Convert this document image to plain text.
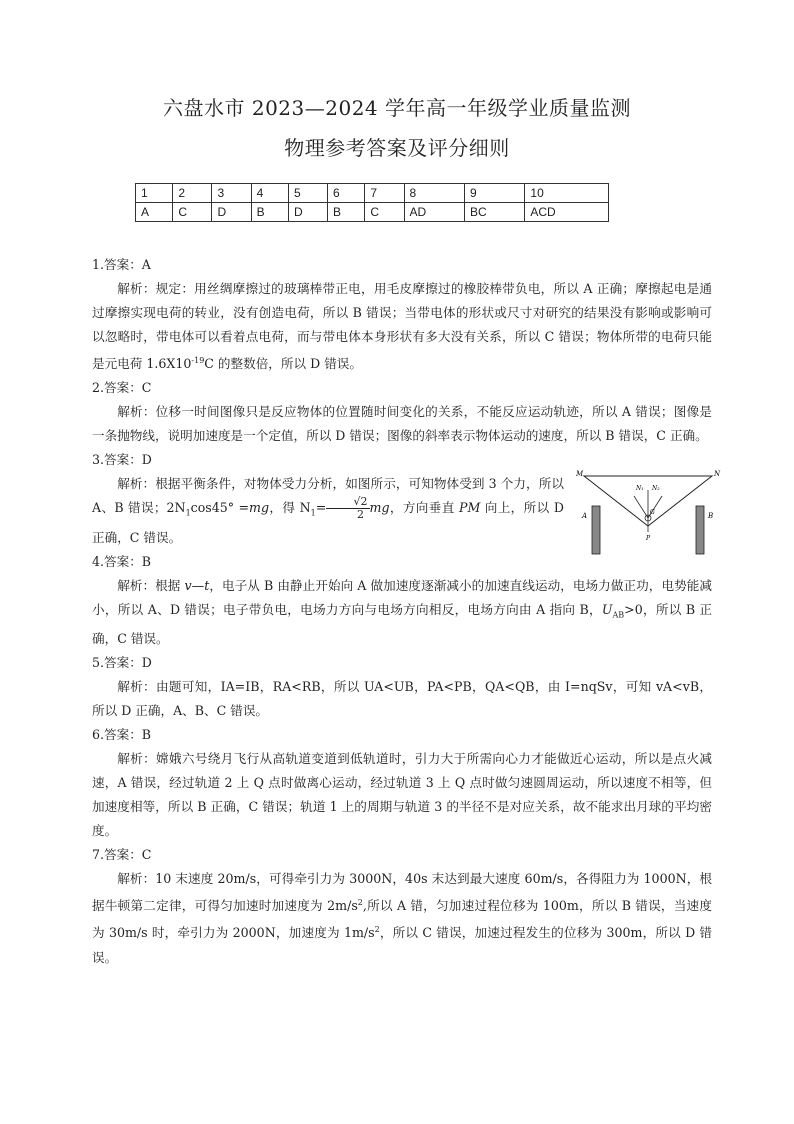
六盘水市 2023—2024 学年高一年级学业质量监测
物理参考答案及评分细则
1	2	3	4	5	6	7	8	9	10
A	C	D	B	D	B	C	AD	BC	ACD

1.答案：A

解析：规定：用丝绸摩擦过的玻璃棒带正电，用毛皮摩擦过的橡胶棒带负电，所以 A 正确；摩擦起电是通过摩擦实现电荷的转业，没有创造电荷，所以 B 错误；当带电体的形状或尺寸对研究的结果没有影响或影响可以忽略时，带电体可以看着点电荷，而与带电体本身形状有多大没有关系，所以 C 错误；物体所带的电荷只能是元电荷 $1.6X10^{-19}C$ 的整数倍，所以 D 错误。

2.答案：C

解析：位移一时间图像只是反应物体的位置随时间变化的关系，不能反应运动轨迹，所以 A 错误；图像是一条抛物线，说明加速度是一个定值，所以 D 错误；图像的斜率表示物体运动的速度，所以 B 错误，C 正确。

3.答案：D

M	N
N₁ N₂
G
A	B
P
解析：根据平衡条件，对物体受力分析，如图所示，可知物体受到 3 个力，所以 A、B 错误；$2N_1\cos 45^\circ =mg$，得 $N_1= \frac{√2}{2}$ mg，方向垂直 PM 向上，所以 D 正确，C 错误。

4.答案：B

解析：根据 v—t，电子从 B 由静止开始向 A 做加速度逐渐减小的加速直线运动，电场力做正功，电势能减小，所以 A、D 错误；电子带负电，电场力方向与电场方向相反，电场方向由 A 指向 B，$U_{AB}>0$，所以 B 正确，C 错误。

5.答案：D

解析：由题可知，IA=IB，RA<RB，所以 UA<UB，PA<PB，QA<QB，由 I=nqSv，可知 vA<vB，所以 D 正确，A、B、C 错误。

6.答案：B

解析：嫦娥六号绕月飞行从高轨道变道到低轨道时，引力大于所需向心力才能做近心运动，所以是点火减速，A 错误，经过轨道 2 上 Q 点时做离心运动，经过轨道 3 上 Q 点时做匀速圆周运动，所以速度不相等，但加速度相等，所以 B 正确，C 错误；轨道 1 上的周期与轨道 3 的半径不是对应关系，故不能求出月球的平均密度。

7.答案：C

解析：10 末速度 20m/s，可得牵引力为 3000N，40s 末达到最大速度 60m/s，各得阻力为 1000N，根据牛顿第二定律，可得匀加速时加速度为 $2m/s^2$,所以 A 错，匀加速过程位移为 100m，所以 B 错误，当速度为 30m/s 时，牵引力为 2000N，加速度为 $1m/s^2$，所以 C 错误，加速过程发生的位移为 300m，所以 D 错误。
